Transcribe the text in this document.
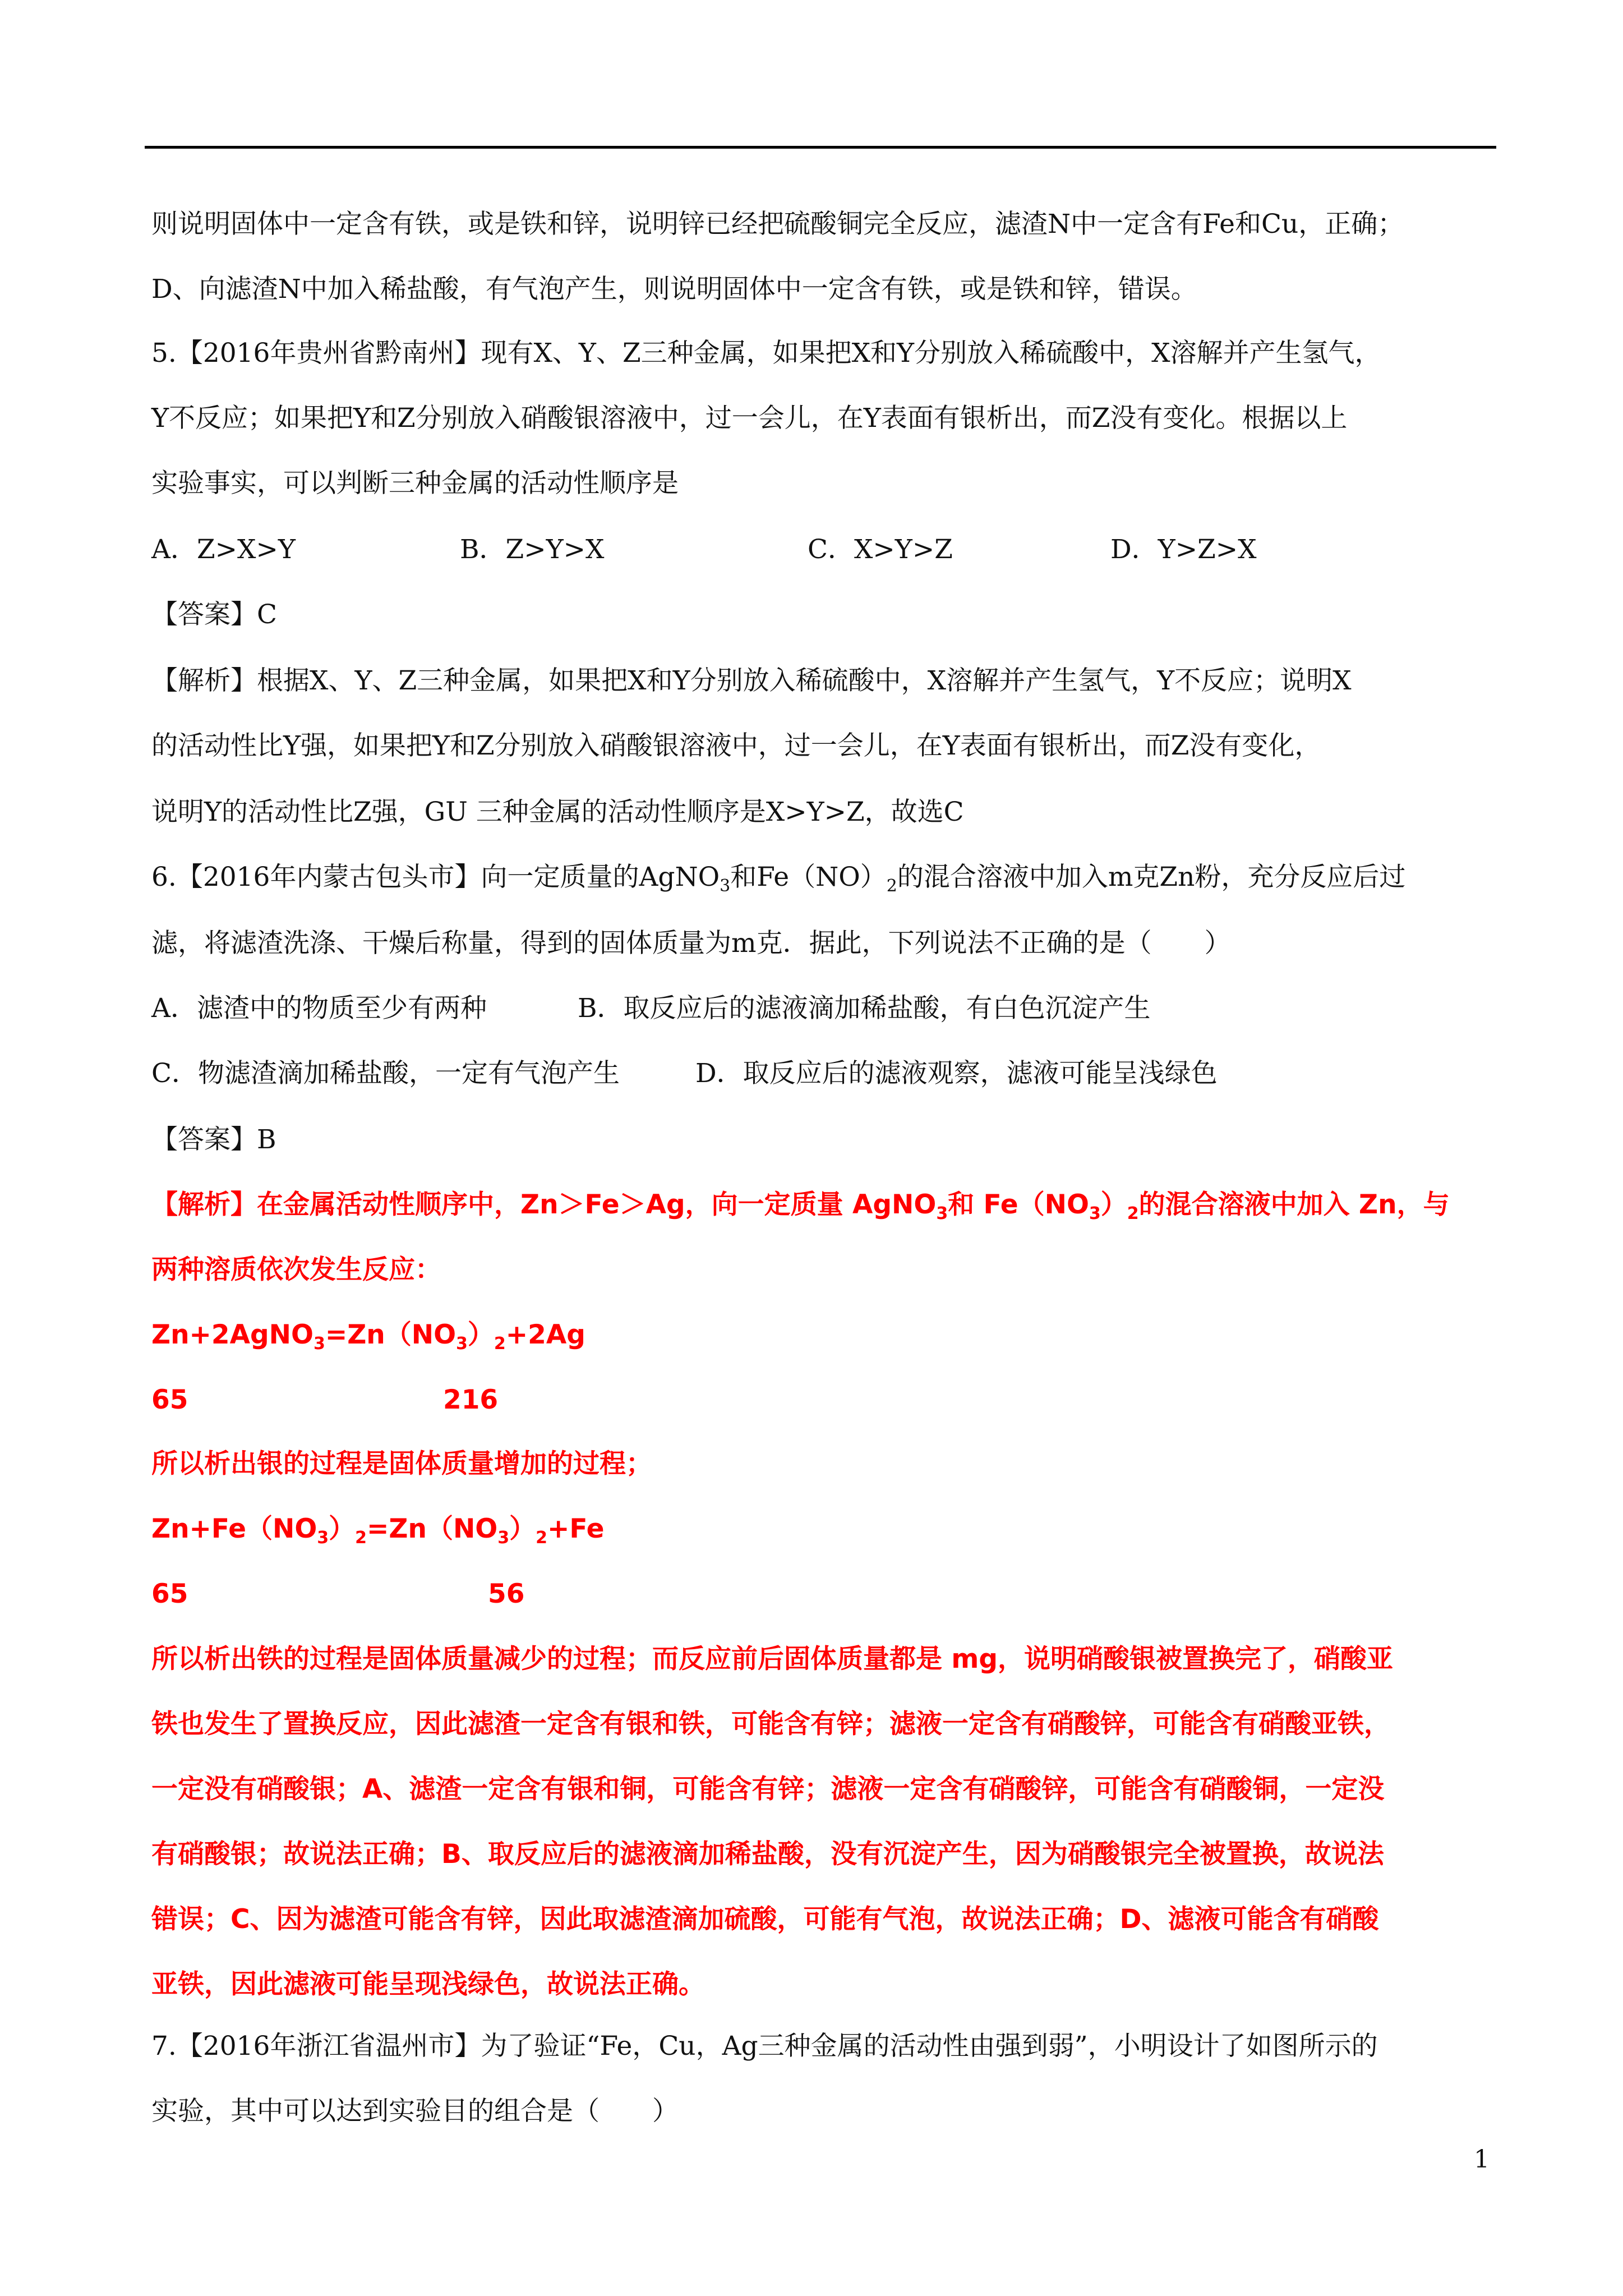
则说明固体中一定含有铁，或是铁和锌，说明锌已经把硫酸铜完全反应，滤渣N中一定含有Fe和Cu，正确；
D、向滤渣N中加入稀盐酸，有气泡产生，则说明固体中一定含有铁，或是铁和锌，错误。
5.【2016年贵州省黔南州】现有X、Y、Z三种金属，如果把X和Y分别放入稀硫酸中，X溶解并产生氢气，
Y不反应；如果把Y和Z分别放入硝酸银溶液中，过一会儿，在Y表面有银析出，而Z没有变化。根据以上
实验事实，可以判断三种金属的活动性顺序是
A．Z>X>Y	B．Z>Y>X	C．X>Y>Z	D．Y>Z>X
【答案】C
【解析】根据X、Y、Z三种金属，如果把X和Y分别放入稀硫酸中，X溶解并产生氢气，Y不反应；说明X
的活动性比Y强，如果把Y和Z分别放入硝酸银溶液中，过一会儿，在Y表面有银析出，而Z没有变化，
说明Y的活动性比Z强，GU 三种金属的活动性顺序是X>Y>Z，故选C
6.【2016年内蒙古包头市】向一定质量的AgNO$_3$和$Fe(NO)_2$的混合溶液中加入m克Zn粉，充分反应后过
滤，将滤渣洗涤、干燥后称量，得到的固体质量为m克．据此，下列说法不正确的是（　　）
A．滤渣中的物质至少有两种	B．取反应后的滤液滴加稀盐酸，有白色沉淀产生
C．物滤渣滴加稀盐酸，一定有气泡产生	D．取反应后的滤液观察，滤液可能呈浅绿色
【答案】B
【解析】在金属活动性顺序中，Zn＞Fe＞Ag，向一定质量 AgNO$_3$和 $Fe(NO_3)_2$的混合溶液中加入 Zn，与
两种溶质依次发生反应：
$Zn+2AgNO_3=Zn(NO_3)_2+2Ag$
65	216
所以析出银的过程是固体质量增加的过程；
$Zn+Fe(NO_3)_2=Zn(NO_3)_2+Fe$
65	56
所以析出铁的过程是固体质量减少的过程；而反应前后固体质量都是 mg，说明硝酸银被置换完了，硝酸亚
铁也发生了置换反应，因此滤渣一定含有银和铁，可能含有锌；滤液一定含有硝酸锌，可能含有硝酸亚铁，
一定没有硝酸银；A、滤渣一定含有银和铜，可能含有锌；滤液一定含有硝酸锌，可能含有硝酸铜，一定没
有硝酸银；故说法正确；B、取反应后的滤液滴加稀盐酸，没有沉淀产生，因为硝酸银完全被置换，故说法
错误；C、因为滤渣可能含有锌，因此取滤渣滴加硫酸，可能有气泡，故说法正确；D、滤液可能含有硝酸
亚铁，因此滤液可能呈现浅绿色，故说法正确。
7.【2016年浙江省温州市】为了验证“Fe，Cu，Ag三种金属的活动性由强到弱”，小明设计了如图所示的
实验，其中可以达到实验目的组合是（　　）
1
